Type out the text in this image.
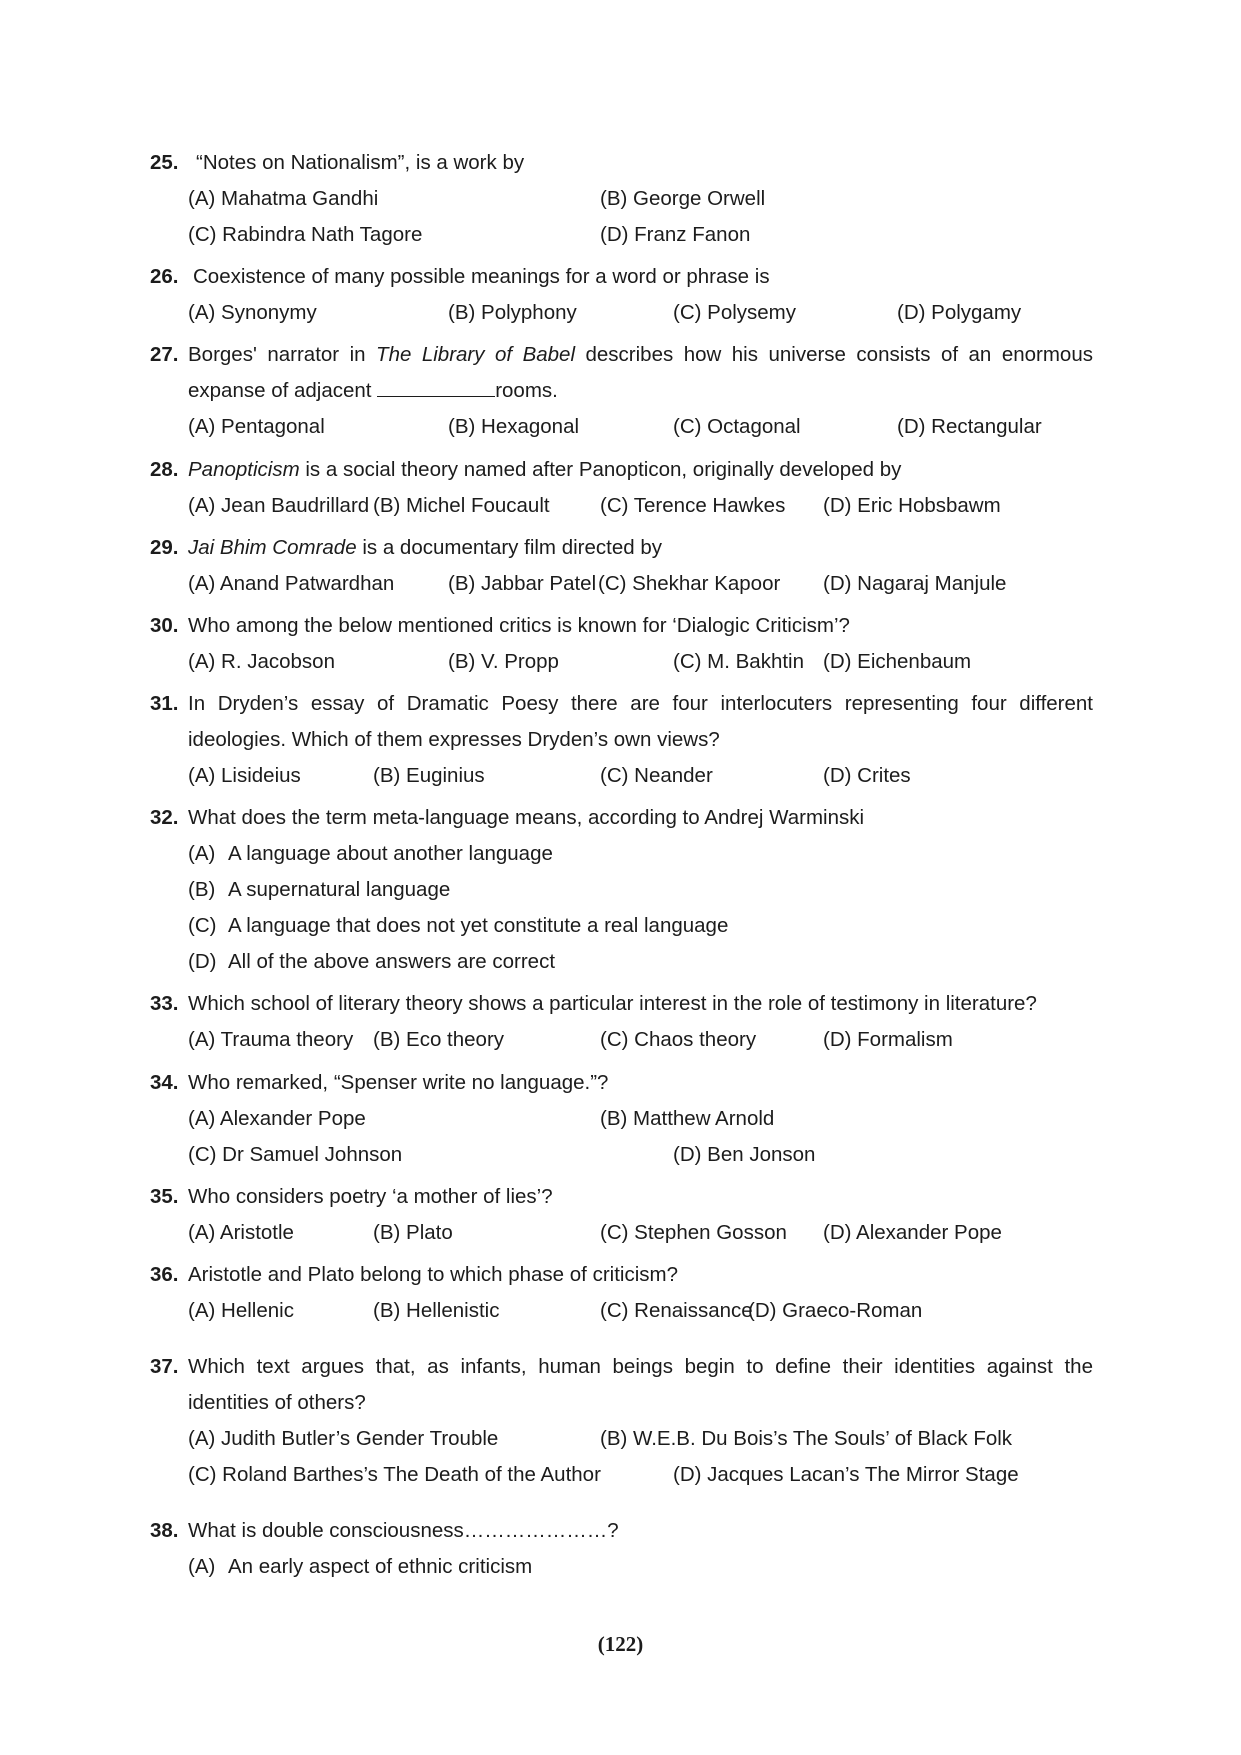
25. “Notes on Nationalism”, is a work by
(A) Mahatma Gandhi	(B) George Orwell
(C) Rabindra Nath Tagore	(D) Franz Fanon
26. Coexistence of many possible meanings for a word or phrase is
(A) Synonymy	(B) Polyphony	(C) Polysemy	(D) Polygamy
27. Borges' narrator in The Library of Babel describes how his universe consists of an enormous
expanse of adjacent	rooms.
(A) Pentagonal	(B) Hexagonal	(C) Octagonal	(D) Rectangular
28. Panopticism is a social theory named after Panopticon, originally developed by
(A) Jean Baudrillard (B) Michel Foucault (C) Terence Hawkes (D) Eric Hobsbawm
29. Jai Bhim Comrade is a documentary film directed by
(A) Anand Patwardhan	(B) Jabbar Patel (C) Shekhar Kapoor (D) Nagaraj Manjule
30. Who among the below mentioned critics is known for ‘Dialogic Criticism’?
(A) R. Jacobson	(B) V. Propp	(C) M. Bakhtin (D) Eichenbaum
31. In Dryden’s essay of Dramatic Poesy there are four interlocuters representing four different
ideologies. Which of them expresses Dryden’s own views?
(A) Lisideius	(B) Euginius	(C) Neander	(D) Crites
32. What does the term meta-language means, according to Andrej Warminski
(A) A language about another language
(B) A supernatural language
(C) A language that does not yet constitute a real language
(D) All of the above answers are correct
33. Which school of literary theory shows a particular interest in the role of testimony in literature?
(A) Trauma theory (B) Eco theory	(C) Chaos theory	(D) Formalism
34. Who remarked, “Spenser write no language.”?
(A) Alexander Pope	(B) Matthew Arnold
(C) Dr Samuel Johnson	(D) Ben Jonson
35. Who considers poetry ‘a mother of lies’?
(A) Aristotle	(B) Plato	(C) Stephen Gosson (D) Alexander Pope
36. Aristotle and Plato belong to which phase of criticism?
(A) Hellenic	(B) Hellenistic	(C) Renaissance
(D) Graeco-Roman
37. Which text argues that, as infants, human beings begin to define their identities against the
identities of others?
(A) Judith Butler’s Gender Trouble	(B) W.E.B. Du Bois’s The Souls’ of Black Folk
(C) Roland Barthes’s The Death of the Author	(D) Jacques Lacan’s The Mirror Stage
38. What is double consciousness…………………?
(A) An early aspect of ethnic criticism
(122)
